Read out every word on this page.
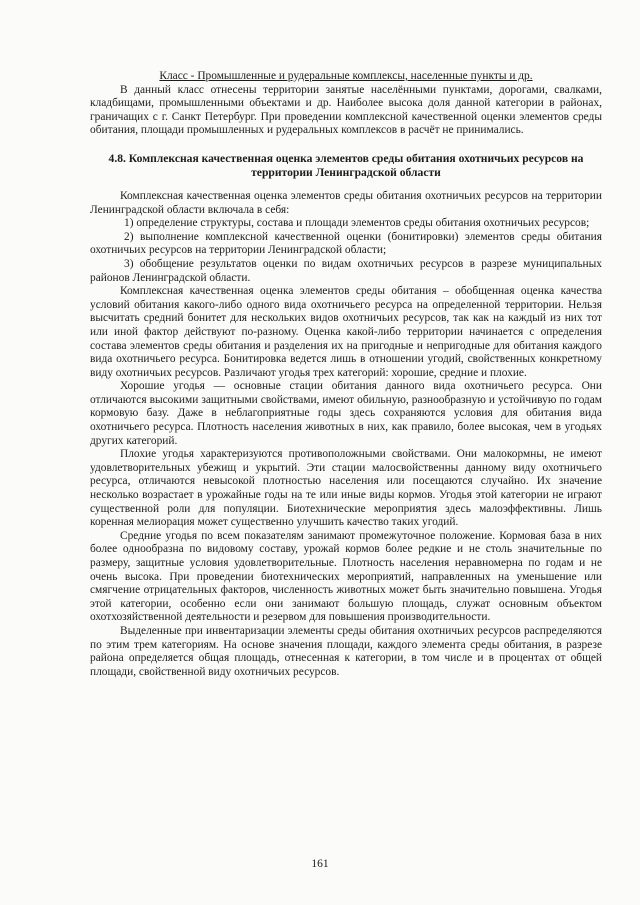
Класс - Промышленные и рудеральные комплексы, населенные пункты и др.

В данный класс отнесены территории занятые населёнными пунктами, дорогами, свалками, кладбищами, промышленными объектами и др. Наиболее высока доля данной категории в районах, граничащих с г. Санкт Петербург. При проведении комплексной качественной оценки элементов среды обитания, площади промышленных и рудеральных комплексов в расчёт не принимались.

4.8. Комплексная качественная оценка элементов среды обитания охотничьих ресурсов на территории Ленинградской области

Комплексная качественная оценка элементов среды обитания охотничьих ресурсов на территории Ленинградской области включала в себя:

1) определение структуры, состава и площади элементов среды обитания охотничьих ресурсов;

2) выполнение комплексной качественной оценки (бонитировки) элементов среды обитания охотничьих ресурсов на территории Ленинградской области;

3) обобщение результатов оценки по видам охотничьих ресурсов в разрезе муниципальных районов Ленинградской области.

Комплексная качественная оценка элементов среды обитания – обобщенная оценка качества условий обитания какого-либо одного вида охотничьего ресурса на определенной территории. Нельзя высчитать средний бонитет для нескольких видов охотничьих ресурсов, так как на каждый из них тот или иной фактор действуют по-разному. Оценка какой-либо территории начинается с определения состава элементов среды обитания и разделения их на пригодные и непригодные для обитания каждого вида охотничьего ресурса. Бонитировка ведется лишь в отношении угодий, свойственных конкретному виду охотничьих ресурсов. Различают угодья трех категорий: хорошие, средние и плохие.

Хорошие угодья — основные стации обитания данного вида охотничьего ресурса. Они отличаются высокими защитными свойствами, имеют обильную, разнообразную и устойчивую по годам кормовую базу. Даже в неблагоприятные годы здесь сохраняются условия для обитания вида охотничьего ресурса. Плотность населения животных в них, как правило, более высокая, чем в угодьях других категорий.

Плохие угодья характеризуются противоположными свойствами. Они малокормны, не имеют удовлетворительных убежищ и укрытий. Эти стации малосвойственны данному виду охотничьего ресурса, отличаются невысокой плотностью населения или посещаются случайно. Их значение несколько возрастает в урожайные годы на те или иные виды кормов. Угодья этой категории не играют существенной роли для популяции. Биотехнические мероприятия здесь малоэффективны. Лишь коренная мелиорация может существенно улучшить качество таких угодий.

Средние угодья по всем показателям занимают промежуточное положение. Кормовая база в них более однообразна по видовому составу, урожай кормов более редкие и не столь значительные по размеру, защитные условия удовлетворительные. Плотность населения неравномерна по годам и не очень высока. При проведении биотехнических мероприятий, направленных на уменьшение или смягчение отрицательных факторов, численность животных может быть значительно повышена. Угодья этой категории, особенно если они занимают большую площадь, служат основным объектом охотхозяйственной деятельности и резервом для повышения производительности.

Выделенные при инвентаризации элементы среды обитания охотничьих ресурсов распределяются по этим трем категориям. На основе значения площади, каждого элемента среды обитания, в разрезе района определяется общая площадь, отнесенная к категории, в том числе и в процентах от общей площади, свойственной виду охотничьих ресурсов.

161
